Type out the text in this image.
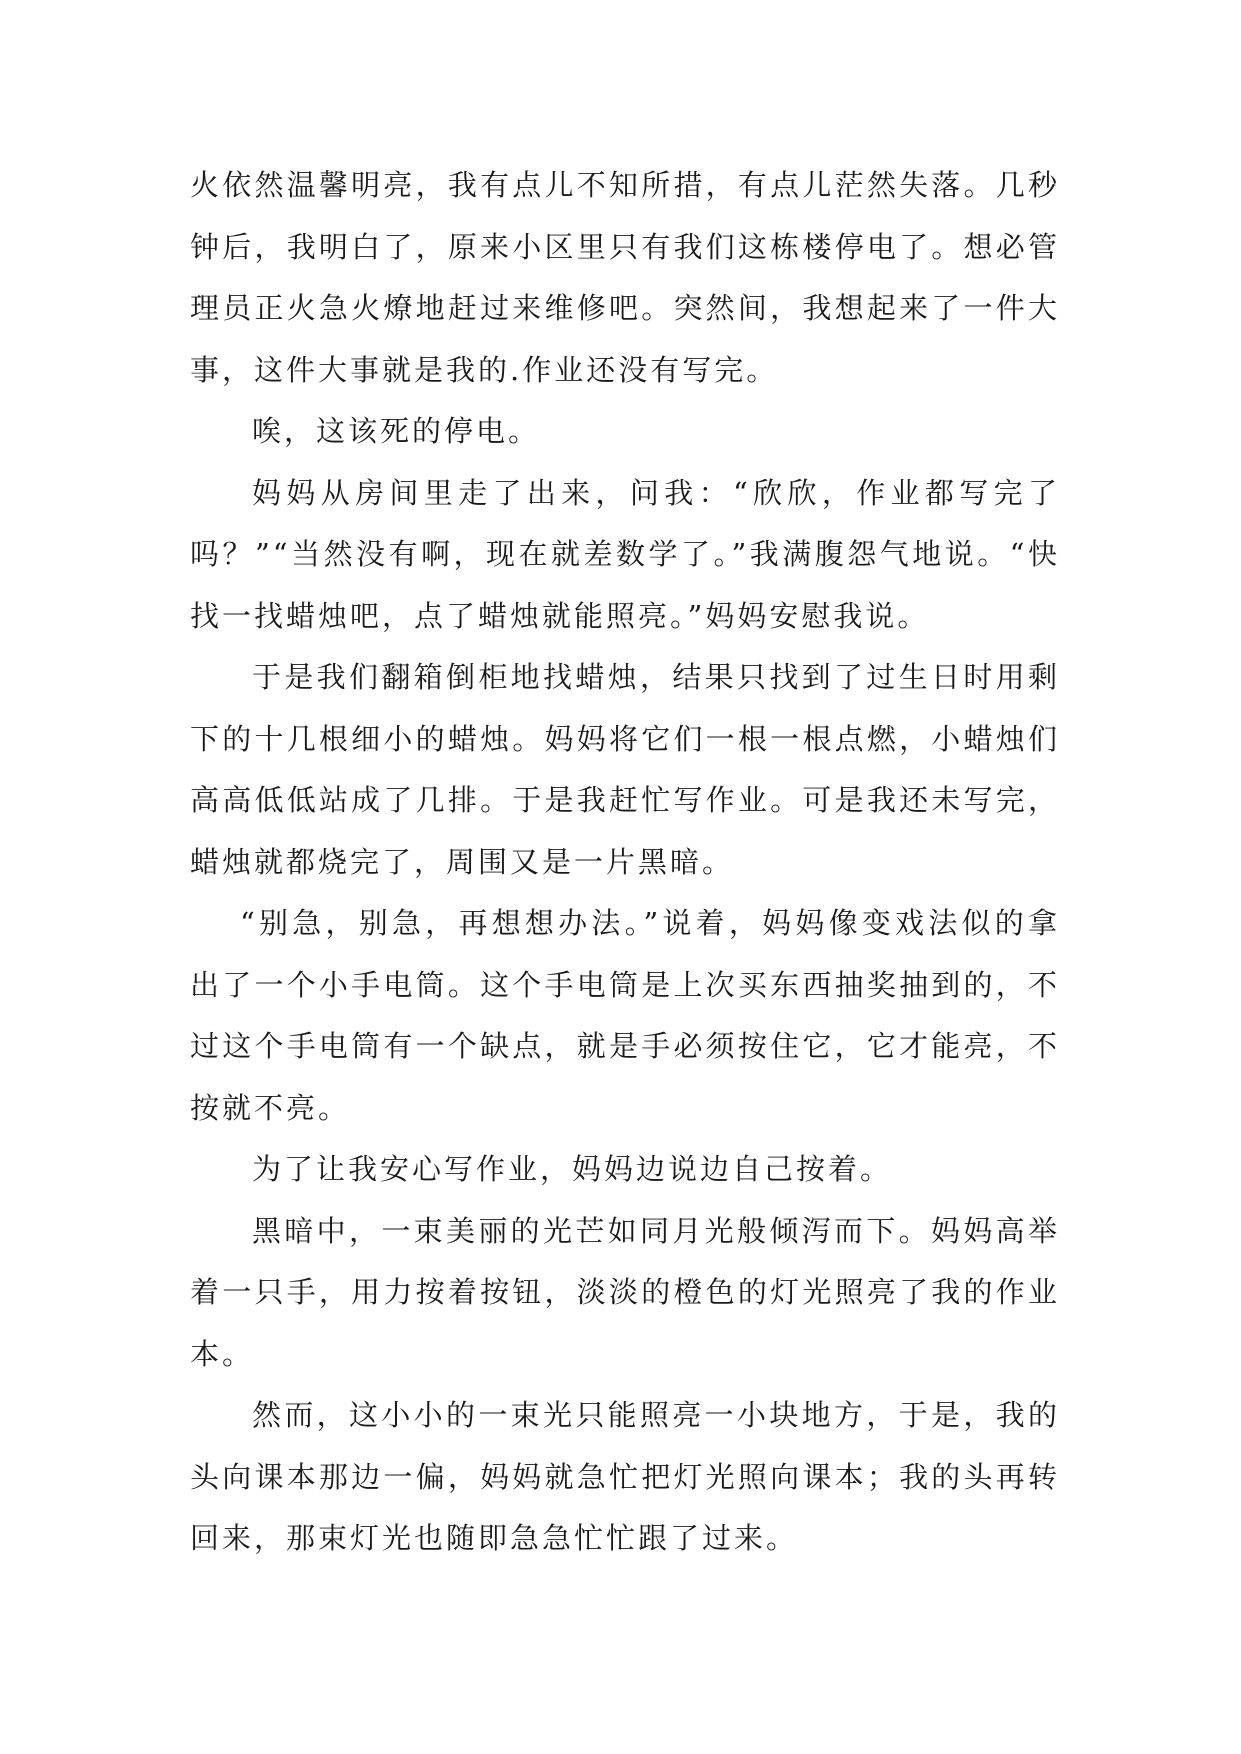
火依然温馨明亮，我有点儿不知所措，有点儿茫然失落。几秒钟后，我明白了，原来小区里只有我们这栋楼停电了。想必管理员正火急火燎地赶过来维修吧。突然间，我想起来了一件大事，这件大事就是我的.作业还没有写完。

唉，这该死的停电。

妈妈从房间里走了出来，问我：“欣欣，作业都写完了吗？”“当然没有啊，现在就差数学了。”我满腹怨气地说。“快找一找蜡烛吧，点了蜡烛就能照亮。”妈妈安慰我说。

于是我们翻箱倒柜地找蜡烛，结果只找到了过生日时用剩下的十几根细小的蜡烛。妈妈将它们一根一根点燃，小蜡烛们高高低低站成了几排。于是我赶忙写作业。可是我还未写完，蜡烛就都烧完了，周围又是一片黑暗。

“别急，别急，再想想办法。”说着，妈妈像变戏法似的拿出了一个小手电筒。这个手电筒是上次买东西抽奖抽到的，不过这个手电筒有一个缺点，就是手必须按住它，它才能亮，不按就不亮。

为了让我安心写作业，妈妈边说边自己按着。

黑暗中，一束美丽的光芒如同月光般倾泻而下。妈妈高举着一只手，用力按着按钮，淡淡的橙色的灯光照亮了我的作业本。

然而，这小小的一束光只能照亮一小块地方，于是，我的头向课本那边一偏，妈妈就急忙把灯光照向课本；我的头再转回来，那束灯光也随即急急忙忙跟了过来。
